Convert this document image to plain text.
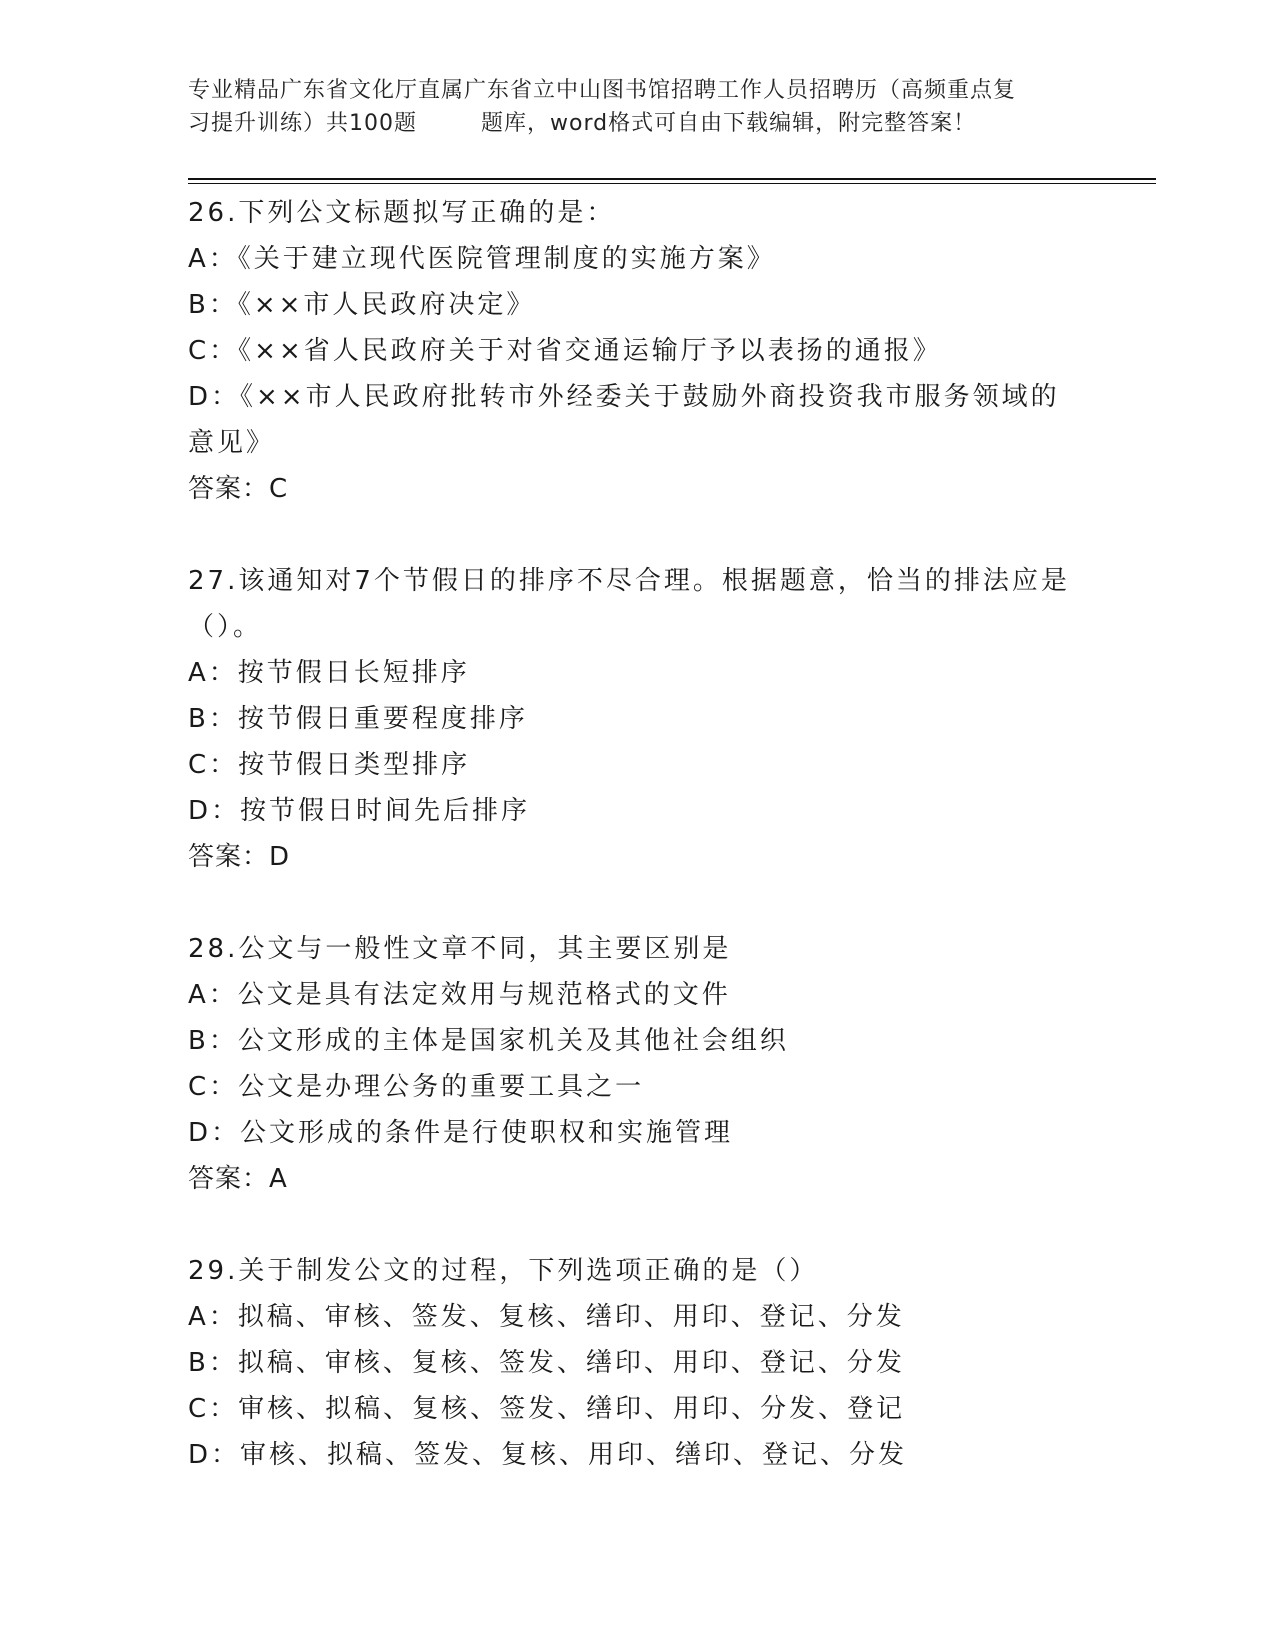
专业精品广东省文化厅直属广东省立中山图书馆招聘工作人员招聘历（高频重点复
习提升训练）共100题	题库，word格式可自由下载编辑，附完整答案！
26.下列公文标题拟写正确的是：
A：《关于建立现代医院管理制度的实施方案》
B：《××市人民政府决定》
C：《××省人民政府关于对省交通运输厅予以表扬的通报》
D：《××市人民政府批转市外经委关于鼓励外商投资我市服务领域的
意见》
答案：C
27.该通知对7个节假日的排序不尽合理。根据题意，恰当的排法应是
（）。
A：按节假日长短排序
B：按节假日重要程度排序
C：按节假日类型排序
D：按节假日时间先后排序
答案：D
28.公文与一般性文章不同，其主要区别是
A：公文是具有法定效用与规范格式的文件
B：公文形成的主体是国家机关及其他社会组织
C：公文是办理公务的重要工具之一
D：公文形成的条件是行使职权和实施管理
答案：A
29.关于制发公文的过程，下列选项正确的是（）
A：拟稿、审核、签发、复核、缮印、用印、登记、分发
B：拟稿、审核、复核、签发、缮印、用印、登记、分发
C：审核、拟稿、复核、签发、缮印、用印、分发、登记
D：审核、拟稿、签发、复核、用印、缮印、登记、分发
